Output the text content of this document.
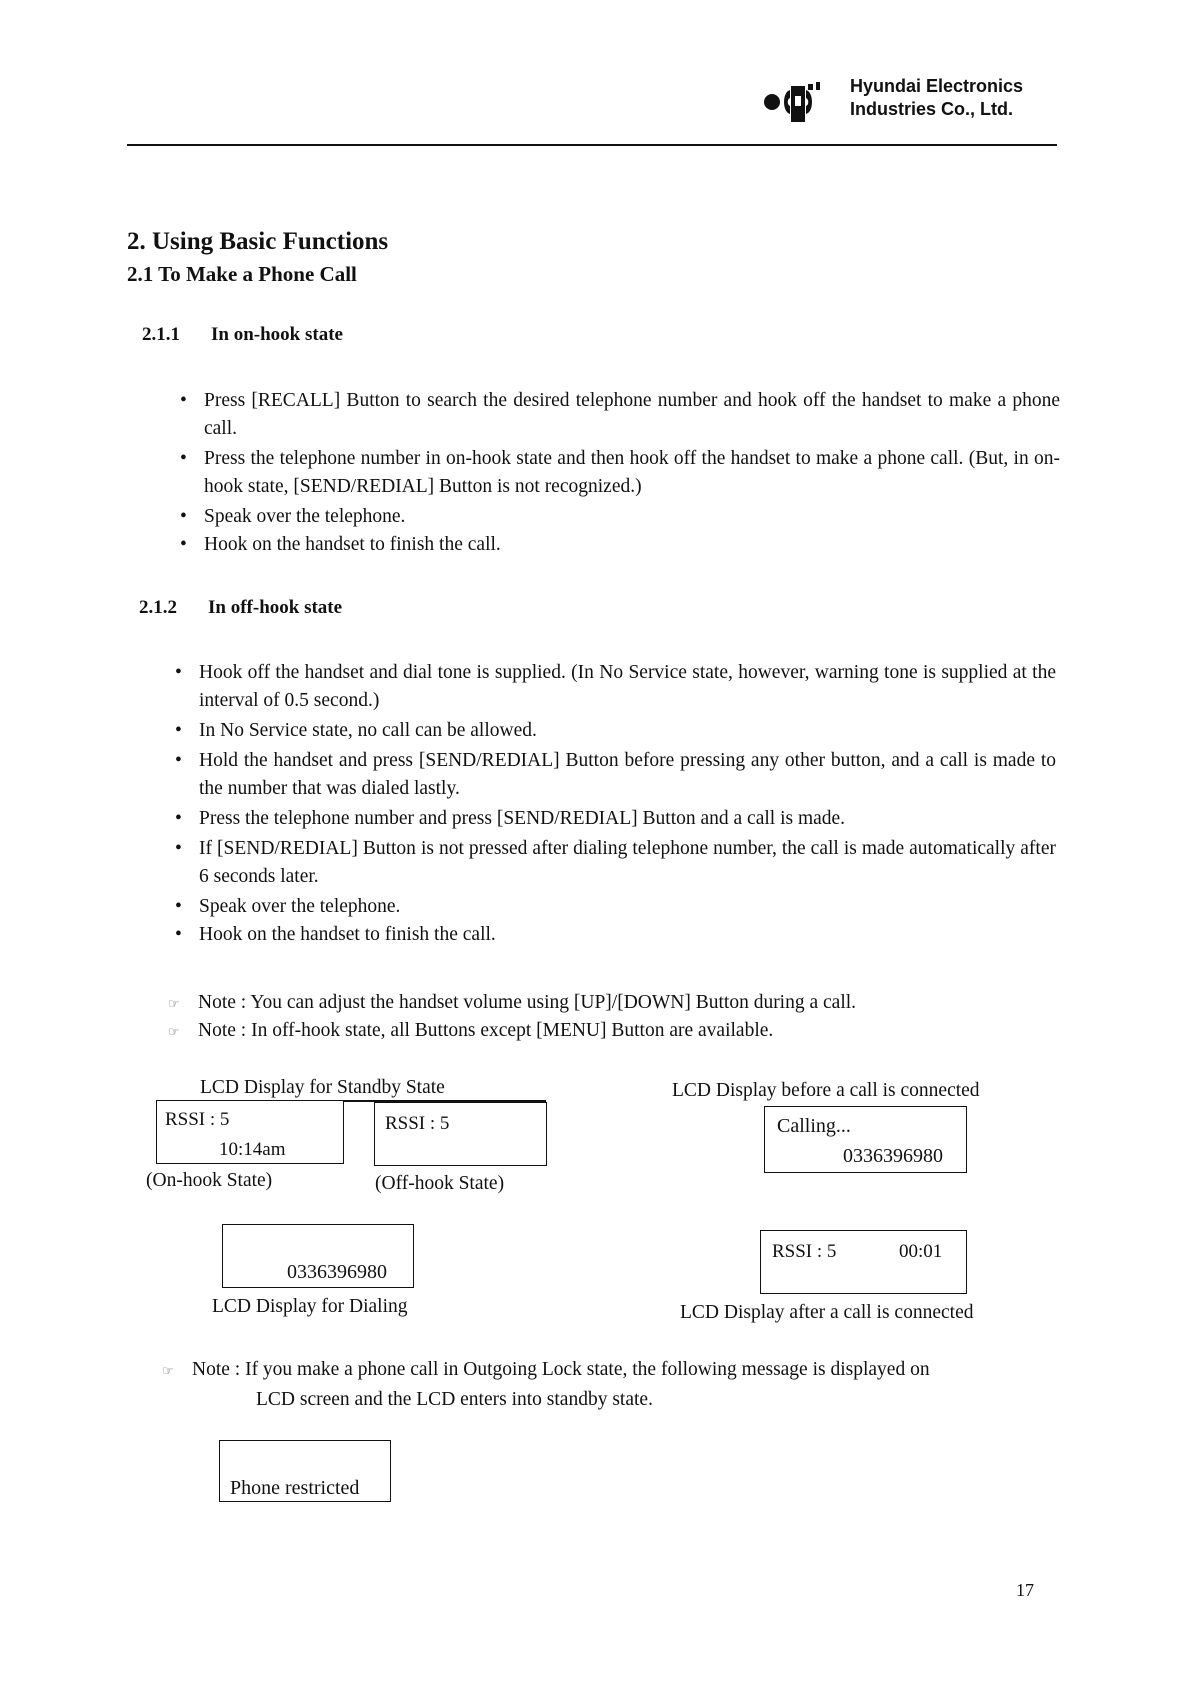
Hyundai Electronics
Industries Co., Ltd.
2. Using Basic Functions
2.1 To Make a Phone Call
2.1.1 In on-hook state
• Press [RECALL] Button to search the desired telephone number and hook off the handset to make a phone call.
• Press the telephone number in on-hook state and then hook off the handset to make a phone call. (But, in on-hook state, [SEND/REDIAL] Button is not recognized.)
• Speak over the telephone.
• Hook on the handset to finish the call.
2.1.2 In off-hook state
• Hook off the handset and dial tone is supplied. (In No Service state, however, warning tone is supplied at the interval of 0.5 second.)
• In No Service state, no call can be allowed.
• Hold the handset and press [SEND/REDIAL] Button before pressing any other button, and a call is made to the number that was dialed lastly.
• Press the telephone number and press [SEND/REDIAL] Button and a call is made.
• If [SEND/REDIAL] Button is not pressed after dialing telephone number, the call is made automatically after 6 seconds later.
• Speak over the telephone.
• Hook on the handset to finish the call.
☞ Note : You can adjust the handset volume using [UP]/[DOWN] Button during a call.
☞ Note : In off-hook state, all Buttons except [MENU] Button are available.
LCD Display for Standby State
RSSI : 5
10:14am
(On-hook State)
RSSI : 5
(Off-hook State)
LCD Display before a call is connected
Calling...
0336396980
0336396980
LCD Display for Dialing
RSSI : 5	00:01
LCD Display after a call is connected
☞ Note : If you make a phone call in Outgoing Lock state, the following message is displayed on
LCD screen and the LCD enters into standby state.
Phone restricted
17
